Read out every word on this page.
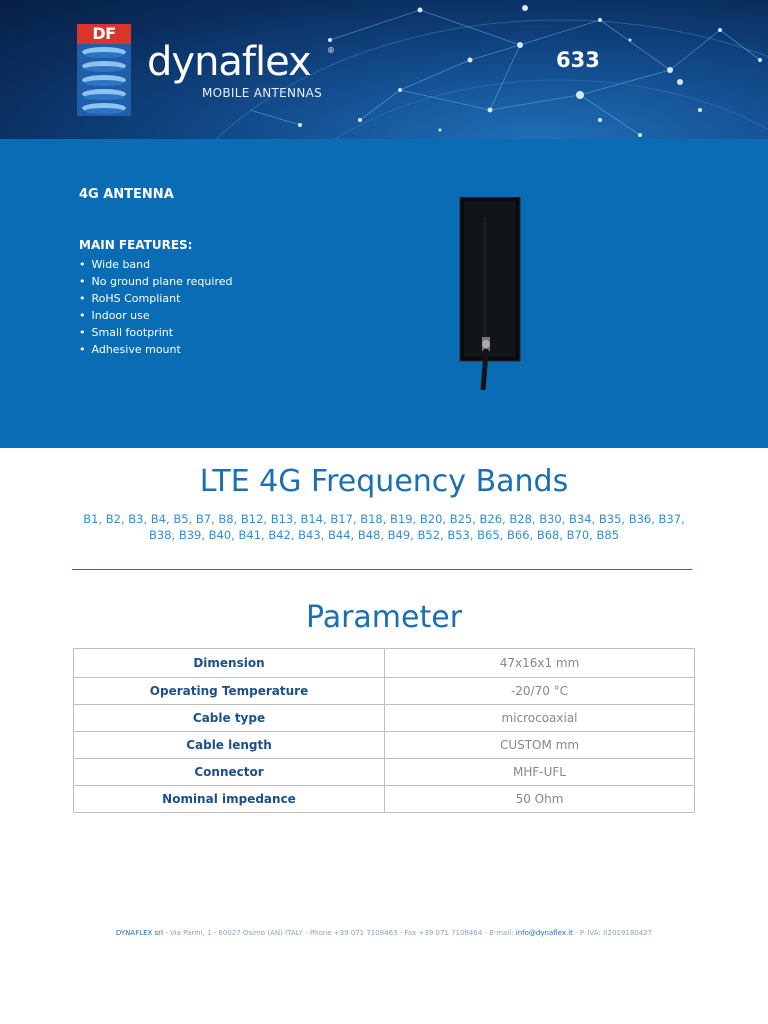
DF
dynaflex ®
MOBILE ANTENNAS
633
4G ANTENNA
MAIN FEATURES:
• Wide band
• No ground plane required
• RoHS Compliant
• Indoor use
• Small footprint
• Adhesive mount
LTE 4G Frequency Bands
B1, B2, B3, B4, B5, B7, B8, B12, B13, B14, B17, B18, B19, B20, B25, B26, B28, B30, B34, B35, B36, B37,
B38, B39, B40, B41, B42, B43, B44, B48, B49, B52, B53, B65, B66, B68, B70, B85
Parameter
Dimension	47x16x1 mm
Operating Temperature	-20/70 °C
Cable type	microcoaxial
Cable length	CUSTOM mm
Connector	MHF-UFL
Nominal impedance	50 Ohm
DYNAFLEX srl - Via Parini, 1 - 60027 Osimo (AN) ITALY - Phone +39 071 7108463 - Fax +39 071 7108464 - E-mail: info@dynaflex.it - P. IVA: 02019180427
